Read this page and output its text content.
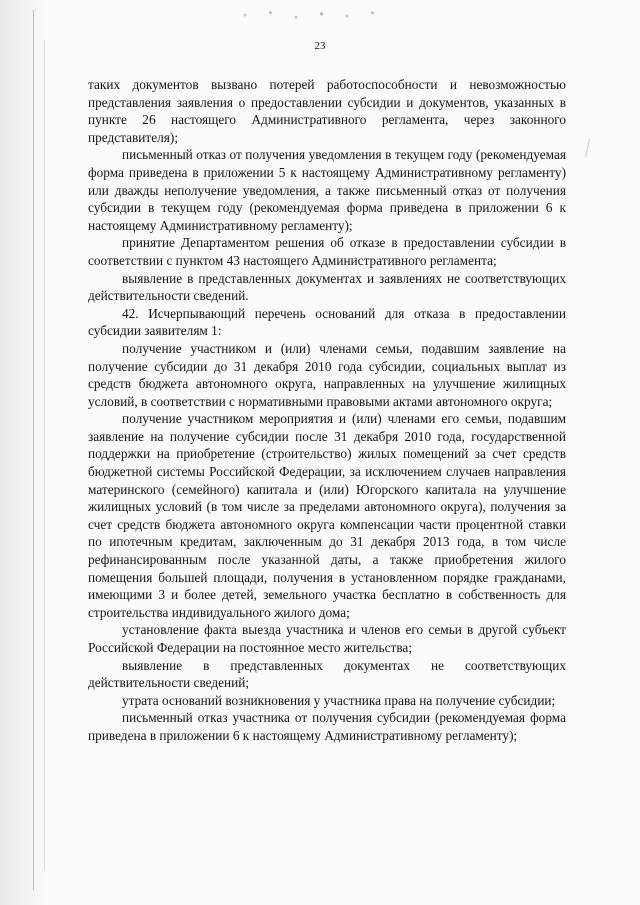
23

таких документов вызвано потерей работоспособности и невозможностью представления заявления о предоставлении субсидии и документов, указанных в пункте 26 настоящего Административного регламента, через законного представителя);

письменный отказ от получения уведомления в текущем году (рекомендуемая форма приведена в приложении 5 к настоящему Административному регламенту) или дважды неполучение уведомления, а также письменный отказ от получения субсидии в текущем году (рекомендуемая форма приведена в приложении 6 к настоящему Административному регламенту);

принятие Департаментом решения об отказе в предоставлении субсидии в соответствии с пунктом 43 настоящего Административного регламента;

выявление в представленных документах и заявлениях не соответствующих действительности сведений.

42. Исчерпывающий перечень оснований для отказа в предоставлении субсидии заявителям 1:

получение участником и (или) членами семьи, подавшим заявление на получение субсидии до 31 декабря 2010 года субсидии, социальных выплат из средств бюджета автономного округа, направленных на улучшение жилищных условий, в соответствии с нормативными правовыми актами автономного округа;

получение участником мероприятия и (или) членами его семьи, подавшим заявление на получение субсидии после 31 декабря 2010 года, государственной поддержки на приобретение (строительство) жилых помещений за счет средств бюджетной системы Российской Федерации, за исключением случаев направления материнского (семейного) капитала и (или) Югорского капитала на улучшение жилищных условий (в том числе за пределами автономного округа), получения за счет средств бюджета автономного округа компенсации части процентной ставки по ипотечным кредитам, заключенным до 31 декабря 2013 года, в том числе рефинансированным после указанной даты, а также приобретения жилого помещения большей площади, получения в установленном порядке гражданами, имеющими 3 и более детей, земельного участка бесплатно в собственность для строительства индивидуального жилого дома;

установление факта выезда участника и членов его семьи в другой субъект Российской Федерации на постоянное место жительства;

выявление в представленных документах не соответствующих действительности сведений;

утрата оснований возникновения у участника права на получение субсидии;

письменный отказ участника от получения субсидии (рекомендуемая форма приведена в приложении 6 к настоящему Административному регламенту);
